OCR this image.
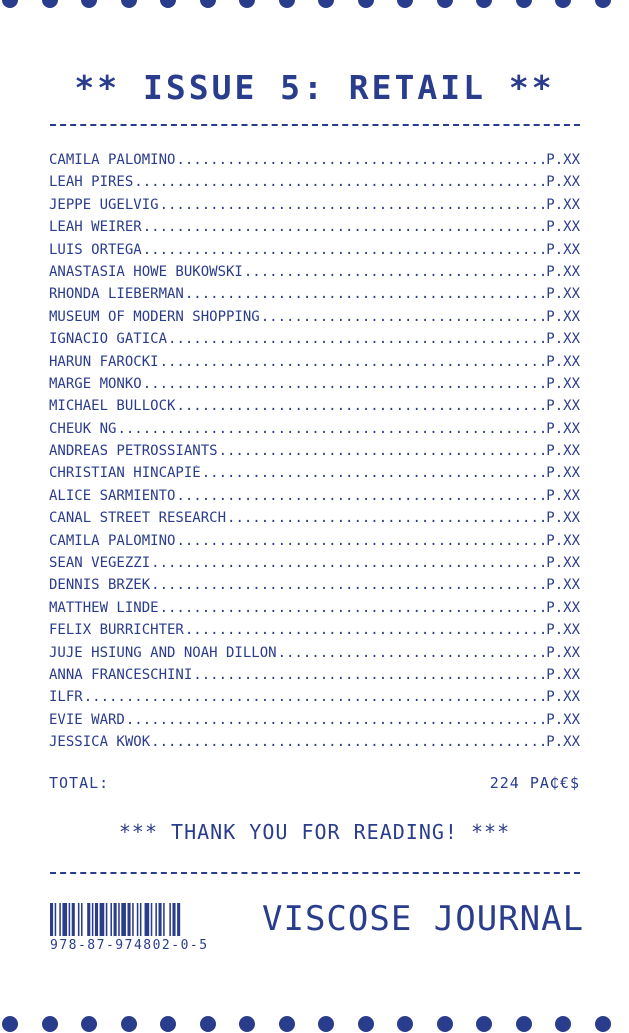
** ISSUE 5: RETAIL **
CAMILA PALOMINO .....	P.XX
LEAH PIRES .....	P.XX
JEPPE UGELVIG .....	P.XX
LEAH WEIRER .....	P.XX
LUIS ORTEGA .....	P.XX
ANASTASIA HOWE BUKOWSKI .....	P.XX
RHONDA LIEBERMAN .....	P.XX
MUSEUM OF MODERN SHOPPING .....	P.XX
IGNACIO GATICA .....	P.XX
HARUN FAROCKI .....	P.XX
MARGE MONKO .....	P.XX
MICHAEL BULLOCK .....	P.XX
CHEUK NG .....	P.XX
ANDREAS PETROSSIANTS .....	P.XX
CHRISTIAN HINCAPIÉ .....	P.XX
ALICE SARMIENTO .....	P.XX
CANAL STREET RESEARCH .....	P.XX
CAMILA PALOMINO .....	P.XX
SEAN VEGEZZI .....	P.XX
DENNIS BRZEK .....	P.XX
MATTHEW LINDE .....	P.XX
FELIX BURRICHTER .....	P.XX
JUJE HSIUNG AND NOAH DILLON .....	P.XX
ANNA FRANCESCHINI .....	P.XX
ILFR .....	P.XX
EVIE WARD .....	P.XX
JESSICA KWOK .....	P.XX
TOTAL:	224 PA₵€$
*** THANK YOU FOR READING! ***
978-87-974802-0-5
VISCOSE JOURNAL
